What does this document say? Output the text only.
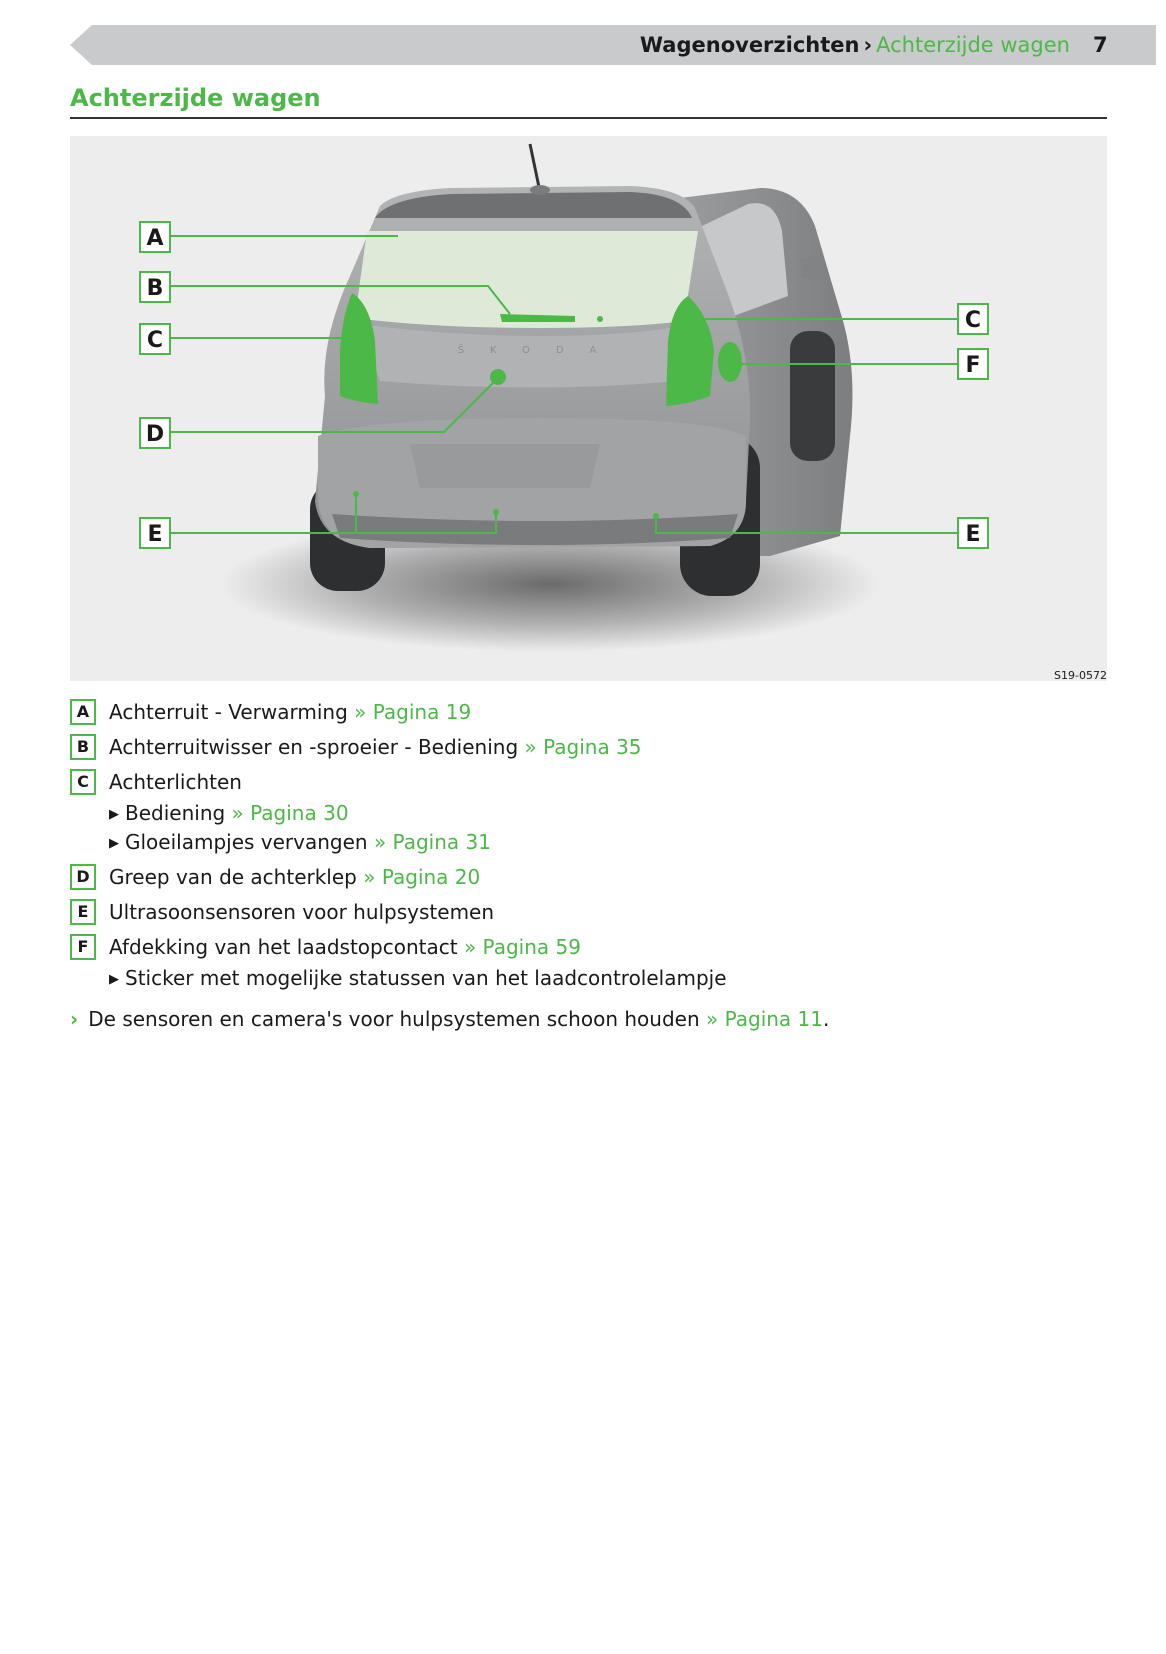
Wagenoverzichten › Achterzijde wagen 7
Achterzijde wagen
ŠKODA
A
B
C
D
E
C
F
E
S19-0572
A Achterruit - Verwarming » Pagina 19
B Achterruitwisser en -sproeier - Bediening » Pagina 35
C	Achterlichten
▶ Bediening » Pagina 30
▶ Gloeilampjes vervangen » Pagina 31
D Greep van de achterklep » Pagina 20
E	Ultrasoonsensoren voor hulpsystemen
F	Afdekking van het laadstopcontact » Pagina 59
▶ Sticker met mogelijke statussen van het laadcontrolelampje
› De sensoren en camera's voor hulpsystemen schoon houden » Pagina 11.
